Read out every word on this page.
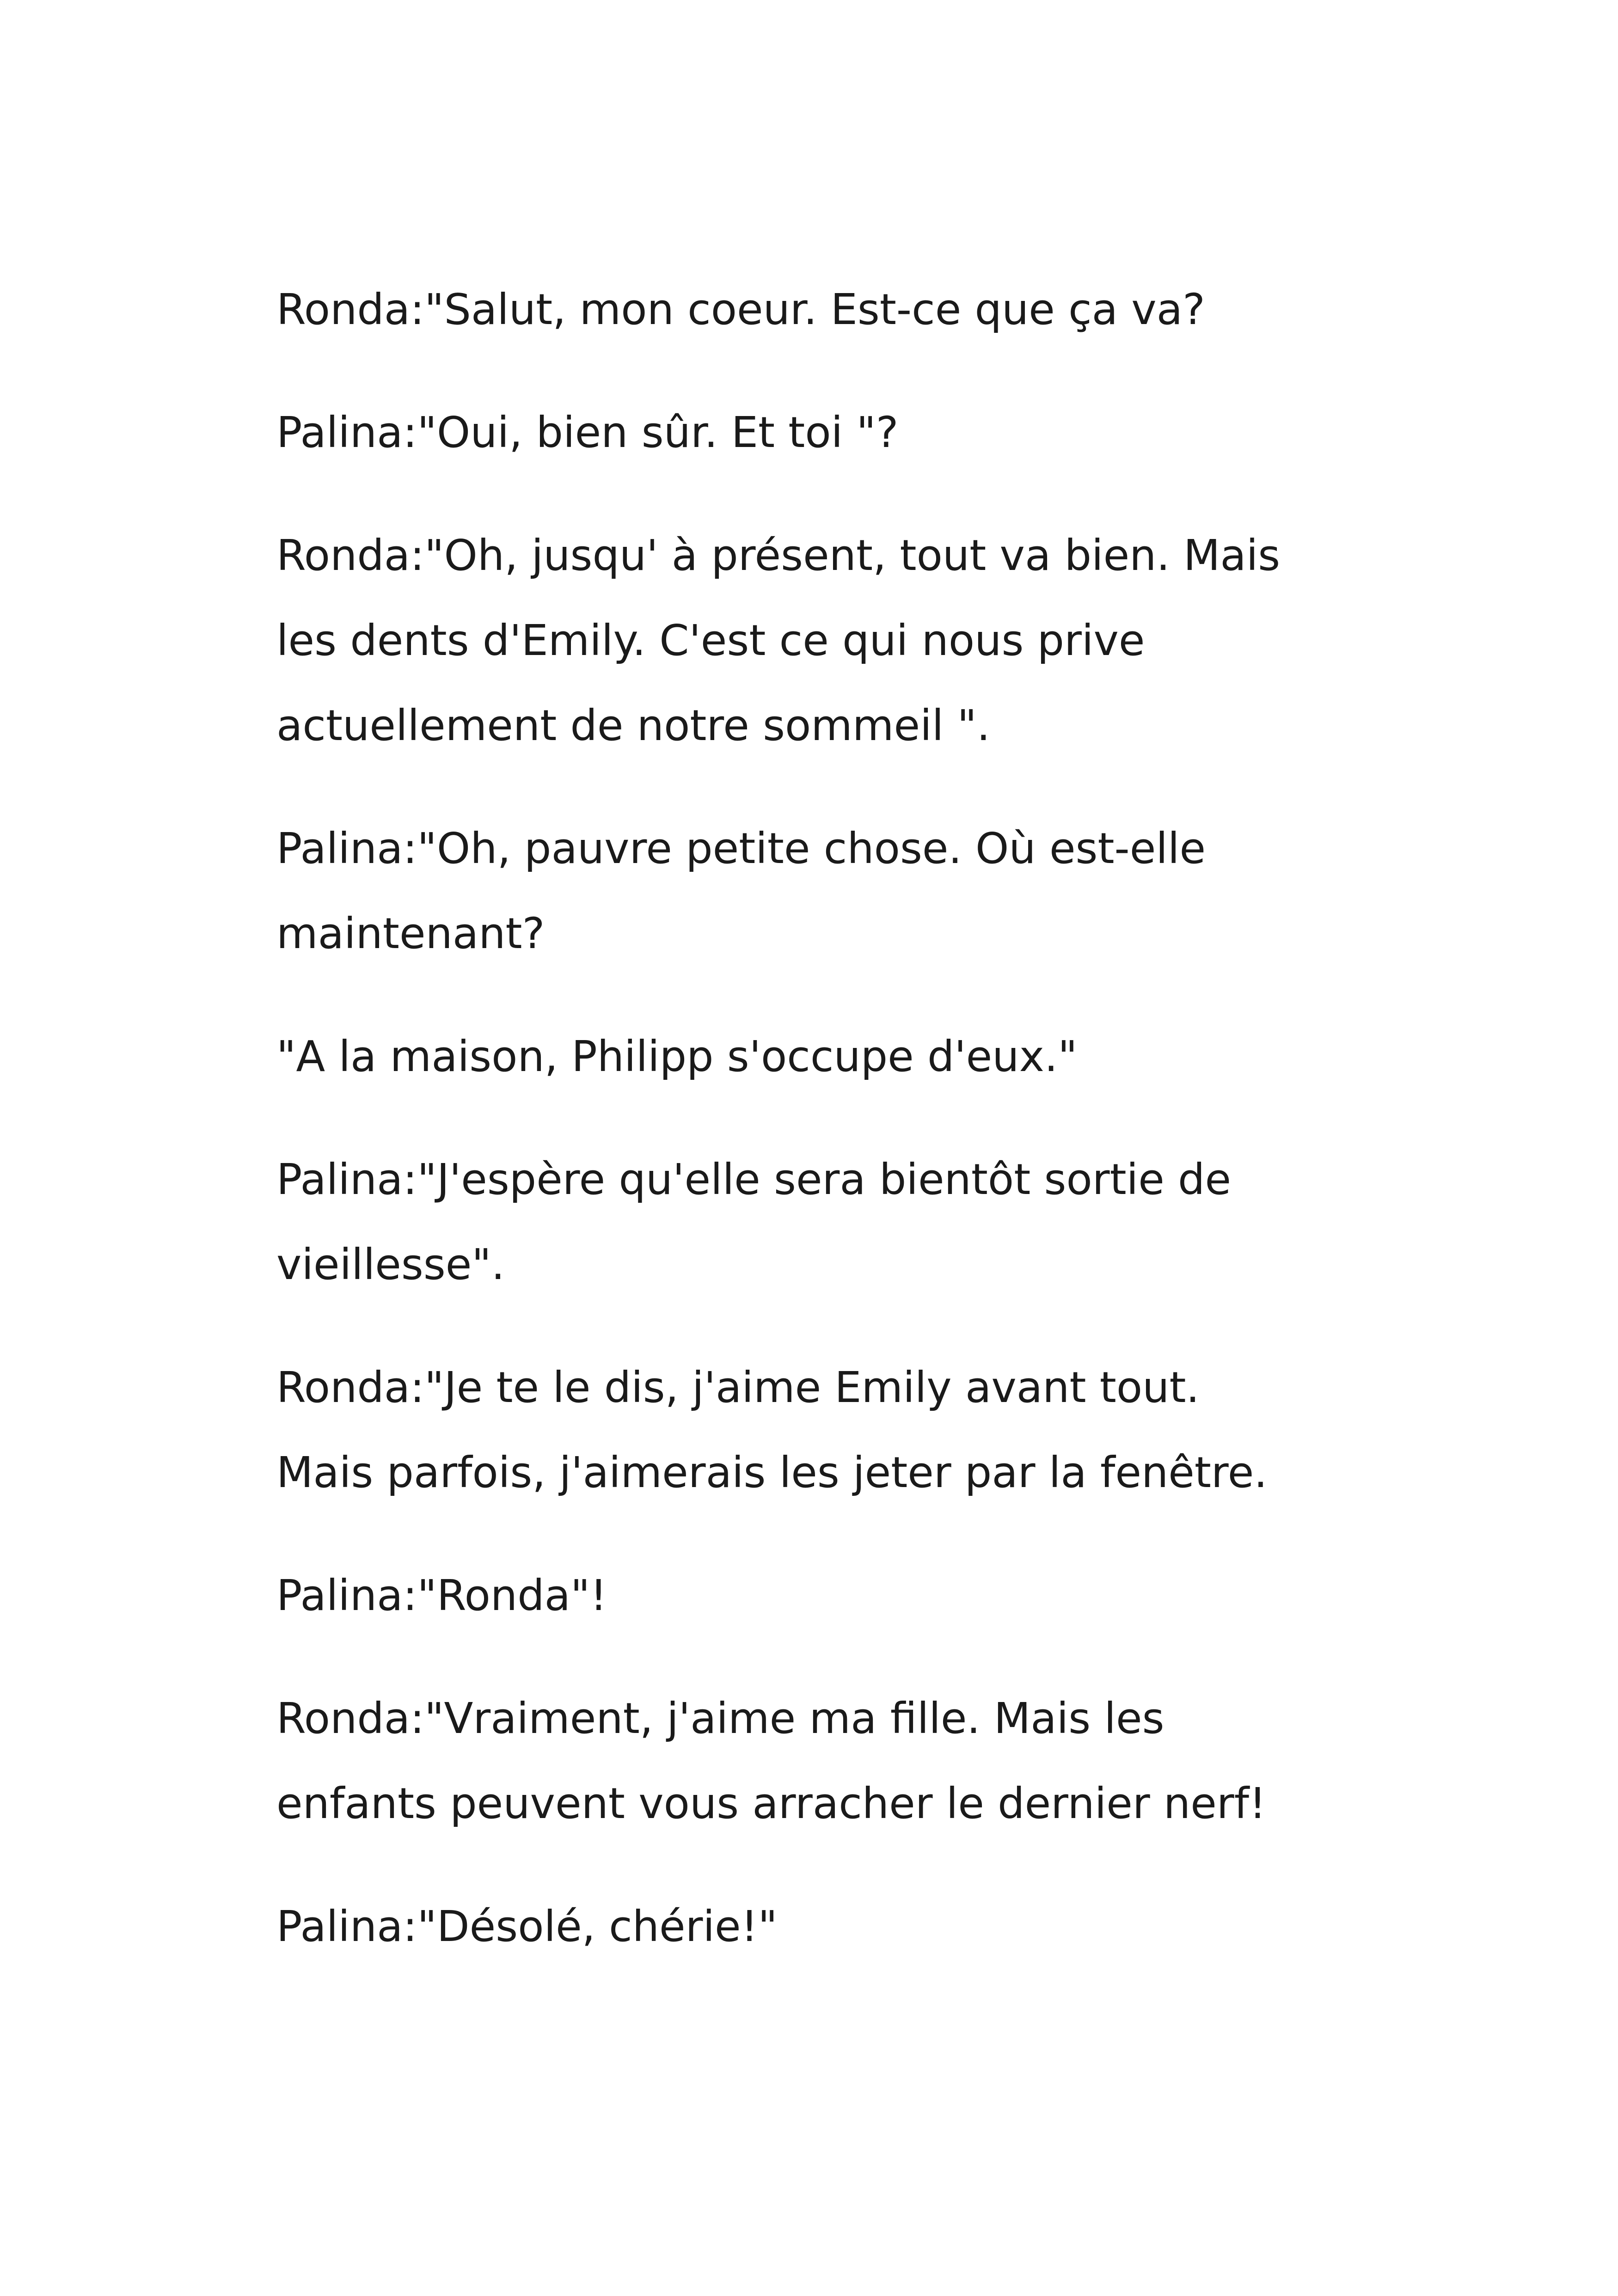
Ronda:"Salut, mon coeur. Est-ce que ça va?

Palina:"Oui, bien sûr. Et toi "?

Ronda:"Oh, jusqu' à présent, tout va bien. Mais
les dents d'Emily. C'est ce qui nous prive
actuellement de notre sommeil ".

Palina:"Oh, pauvre petite chose. Où est-elle
maintenant?

"A la maison, Philipp s'occupe d'eux."

Palina:"J'espère qu'elle sera bientôt sortie de
vieillesse".

Ronda:"Je te le dis, j'aime Emily avant tout.
Mais parfois, j'aimerais les jeter par la fenêtre.

Palina:"Ronda"!

Ronda:"Vraiment, j'aime ma fille. Mais les
enfants peuvent vous arracher le dernier nerf!

Palina:"Désolé, chérie!"
